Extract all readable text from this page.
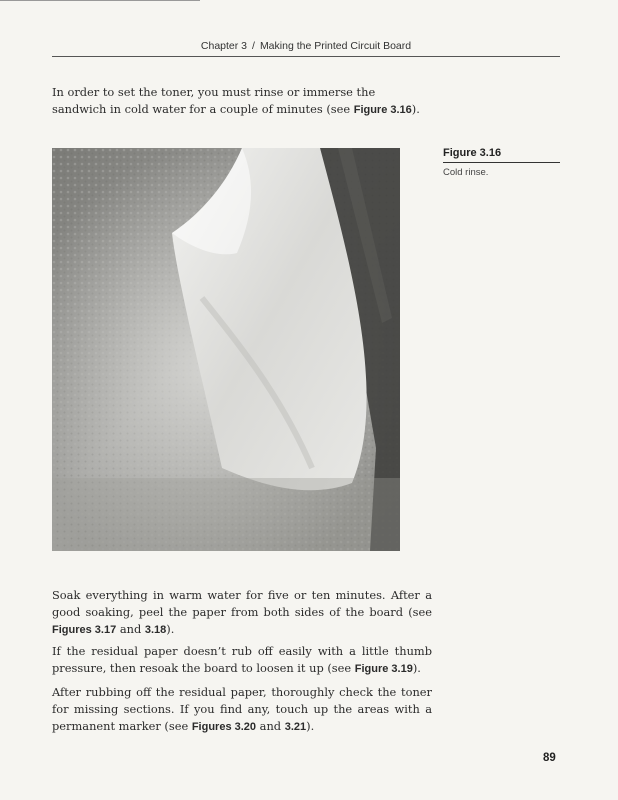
Chapter 3 / Making the Printed Circuit Board

In order to set the toner, you must rinse or immerse the sandwich in cold water for a couple of minutes (see Figure 3.16).

Figure 3.16
Cold rinse.

Soak everything in warm water for five or ten minutes. After a good soaking, peel the paper from both sides of the board (see Figures 3.17 and 3.18).

If the residual paper doesn’t rub off easily with a little thumb pressure, then resoak the board to loosen it up (see Figure 3.19).

After rubbing off the residual paper, thoroughly check the toner for missing sections. If you find any, touch up the areas with a permanent marker (see Figures 3.20 and 3.21).

89
